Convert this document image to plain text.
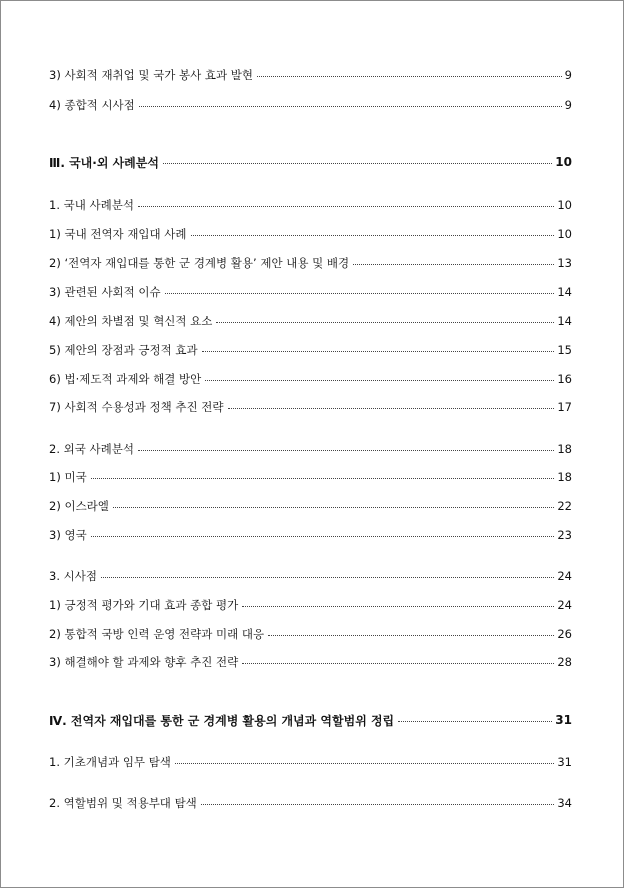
3) 사회적 재취업 및 국가 봉사 효과 발현	9
4) 종합적 시사점	9
Ⅲ. 국내·외 사례분석	10
1. 국내 사례분석	10
1) 국내 전역자 재입대 사례	10
2) ‘전역자 재입대를 통한 군 경계병 활용’ 제안 내용 및 배경	13
3) 관련된 사회적 이슈	14
4) 제안의 차별점 및 혁신적 요소	14
5) 제안의 장점과 긍정적 효과	15
6) 법·제도적 과제와 해결 방안	16
7) 사회적 수용성과 정책 추진 전략	17
2. 외국 사례분석	18
1) 미국	18
2) 이스라엘	22
3) 영국	23
3. 시사점	24
1) 긍정적 평가와 기대 효과 종합 평가	24
2) 통합적 국방 인력 운영 전략과 미래 대응	26
3) 해결해야 할 과제와 향후 추진 전략	28
Ⅳ. 전역자 재입대를 통한 군 경계병 활용의 개념과 역할범위 정립	31
1. 기초개념과 임무 탐색	31
2. 역할범위 및 적용부대 탐색	34
